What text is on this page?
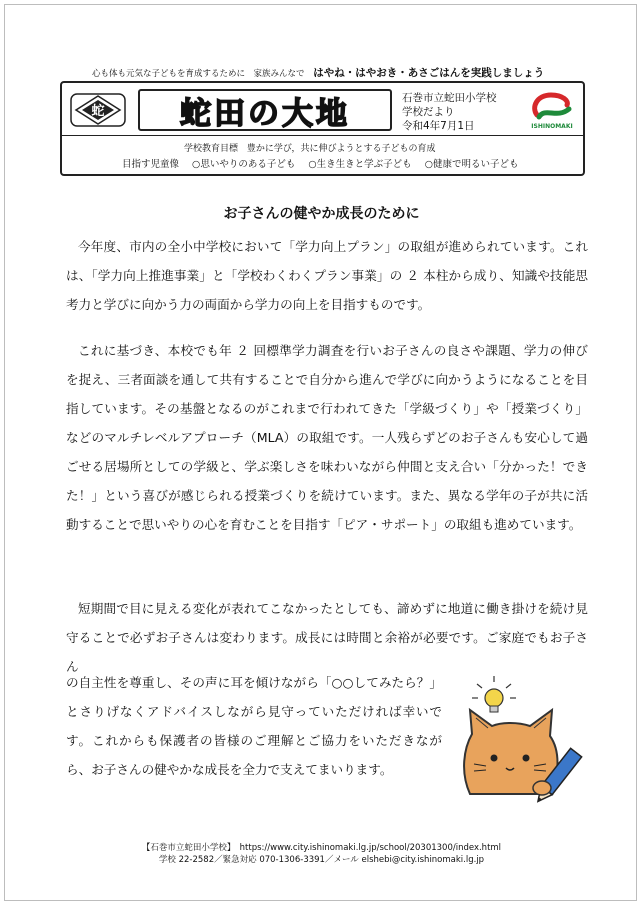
心も体も元気な子どもを育成するために　家族みんなで はやね・はやおき・あさごはんを実践しましょう
蛇 蛇田の大地	石巻市立蛇田小学校
学校だより
令和4年7月1日	ISHINOMAKI
学校教育目標 豊かに学び，共に伸びようとする子どもの育成
目指す児童像 ○思いやりのある子ども ○生き生きと学ぶ子ども ○健康で明るい子ども
お子さんの健やか成長のために
今年度、市内の全小中学校において「学力向上プラン」の取組が進められています。これは、「学力向上推進事業」と「学校わくわくプラン事業」の ２ 本柱から成り、知識や技能思考力と学びに向かう力の両面から学力の向上を目指すものです。
これに基づき、本校でも年 ２ 回標準学力調査を行いお子さんの良さや課題、学力の伸びを捉え、三者面談を通して共有することで自分から進んで学びに向かうようになることを目指しています。その基盤となるのがこれまで行われてきた「学級づくり」や「授業づくり」などのマルチレベルアプローチ（MLA）の取組です。一人残らずどのお子さんも安心して過ごせる居場所としての学級と、学ぶ楽しさを味わいながら仲間と支え合い「分かった！できた！」という喜びが感じられる授業づくりを続けています。また、異なる学年の子が共に活動することで思いやりの心を育むことを目指す「ピア・サポート」の取組も進めています。
短期間で目に見える変化が表れてこなかったとしても、諦めずに地道に働き掛けを続け見守ることで必ずお子さんは変わります。成長には時間と余裕が必要です。ご家庭でもお子さん
の自主性を尊重し、その声に耳を傾けながら「○○してみたら？」とさりげなくアドバイスしながら見守っていただければ幸いです。これからも保護者の皆様のご理解とご協力をいただきながら、お子さんの健やかな成長を全力で支えてまいります。
【石巻市立蛇田小学校】　https://www.city.ishinomaki.lg.jp/school/20301300/index.html
学校 22-2582／緊急対応 070-1306-3391／メール elshebi@city.ishinomaki.lg.jp
